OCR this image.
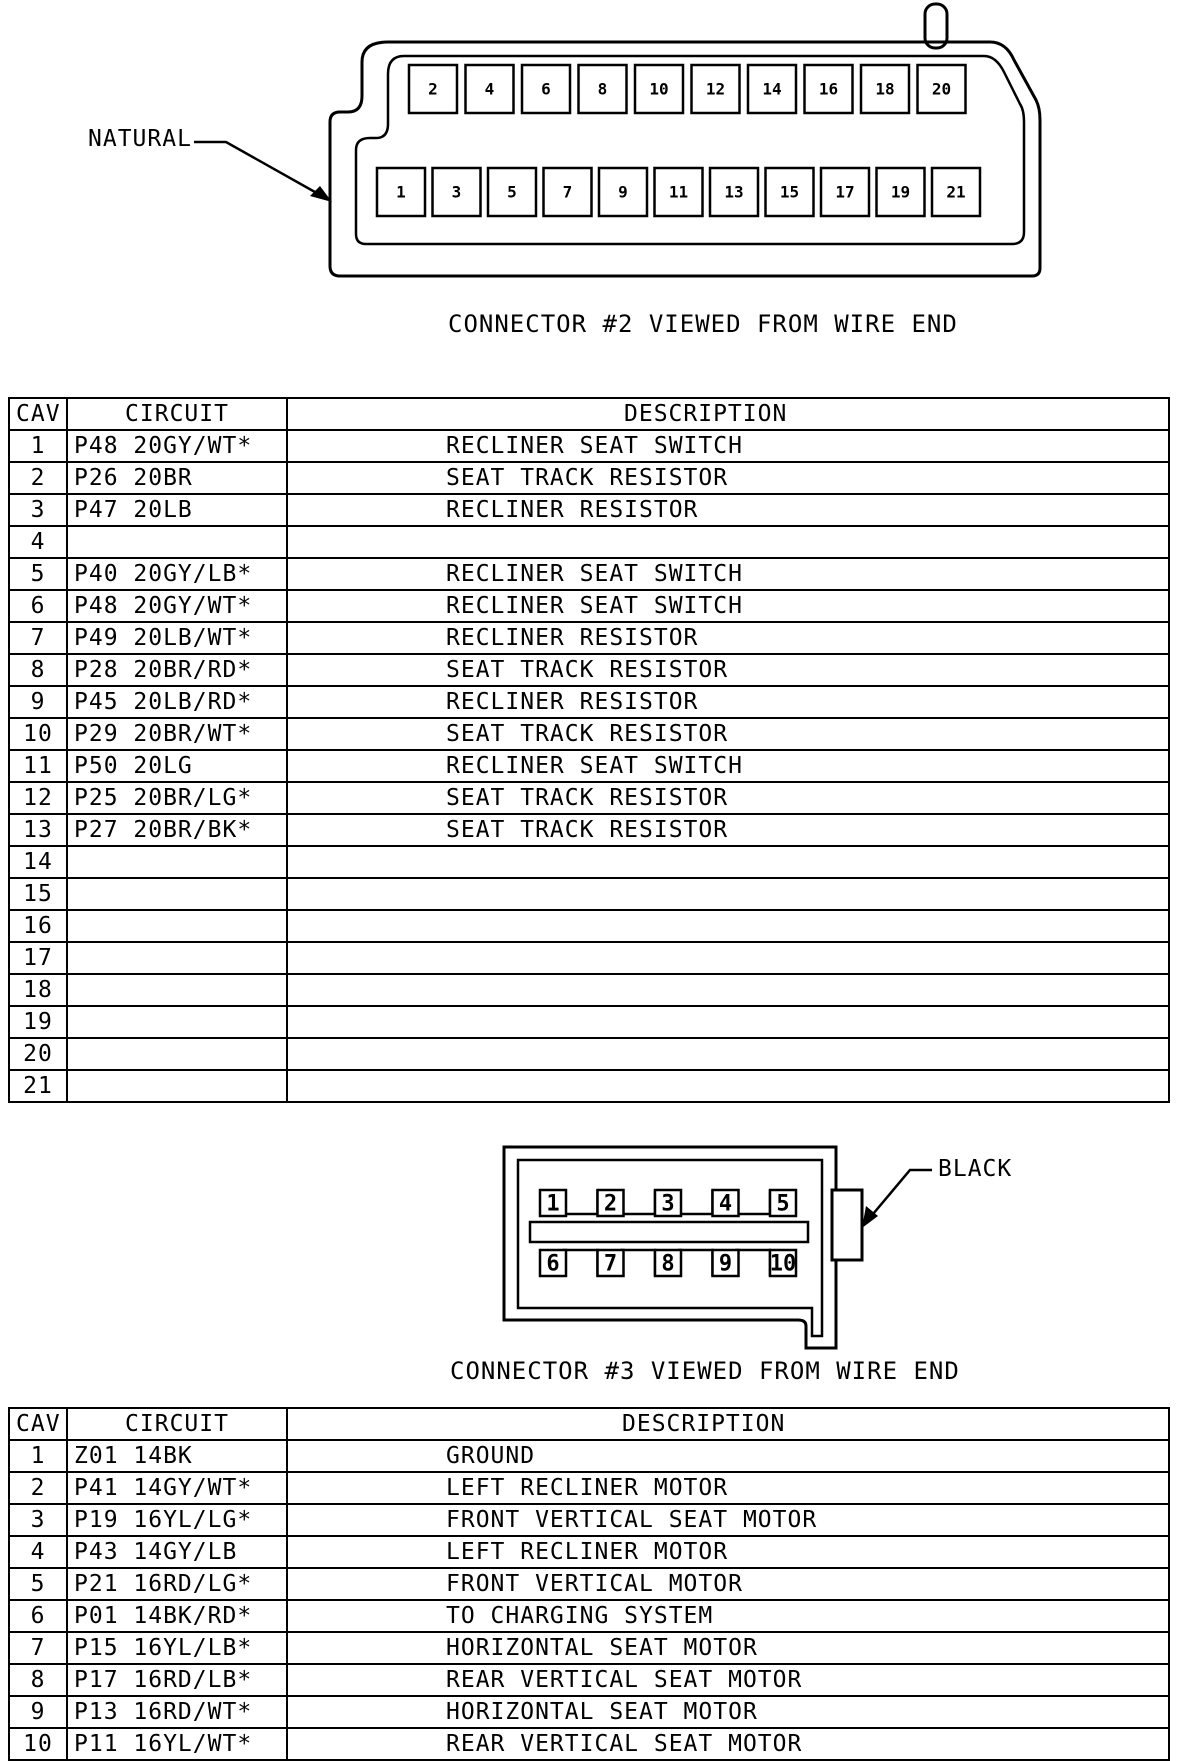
2	4	6	8	10 12 14 16 18 20
1	3	5	7	9	11 13 15 17 19 21
NATURAL
CONNECTOR #2 VIEWED FROM WIRE END
CAV	CIRCUIT	DESCRIPTION
1	P48 20GY/WT*	RECLINER SEAT SWITCH
2	P26 20BR	SEAT TRACK RESISTOR
3	P47 20LB	RECLINER RESISTOR
4		
5	P40 20GY/LB*	RECLINER SEAT SWITCH
6	P48 20GY/WT*	RECLINER SEAT SWITCH
7	P49 20LB/WT*	RECLINER RESISTOR
8	P28 20BR/RD*	SEAT TRACK RESISTOR
9	P45 20LB/RD*	RECLINER RESISTOR
10	P29 20BR/WT*	SEAT TRACK RESISTOR
11	P50 20LG	RECLINER SEAT SWITCH
12	P25 20BR/LG*	SEAT TRACK RESISTOR
13	P27 20BR/BK*	SEAT TRACK RESISTOR
14		
15		
16		
17		
18		
19		
20		
21		
1 2 3 4 5
6 7 8 9 10
BLACK
CONNECTOR #3 VIEWED FROM WIRE END
CAV	CIRCUIT	DESCRIPTION
1	Z01 14BK	GROUND
2	P41 14GY/WT*	LEFT RECLINER MOTOR
3	P19 16YL/LG*	FRONT VERTICAL SEAT MOTOR
4	P43 14GY/LB	LEFT RECLINER MOTOR
5	P21 16RD/LG*	FRONT VERTICAL MOTOR
6	P01 14BK/RD*	TO CHARGING SYSTEM
7	P15 16YL/LB*	HORIZONTAL SEAT MOTOR
8	P17 16RD/LB*	REAR VERTICAL SEAT MOTOR
9	P13 16RD/WT*	HORIZONTAL SEAT MOTOR
10	P11 16YL/WT*	REAR VERTICAL SEAT MOTOR
